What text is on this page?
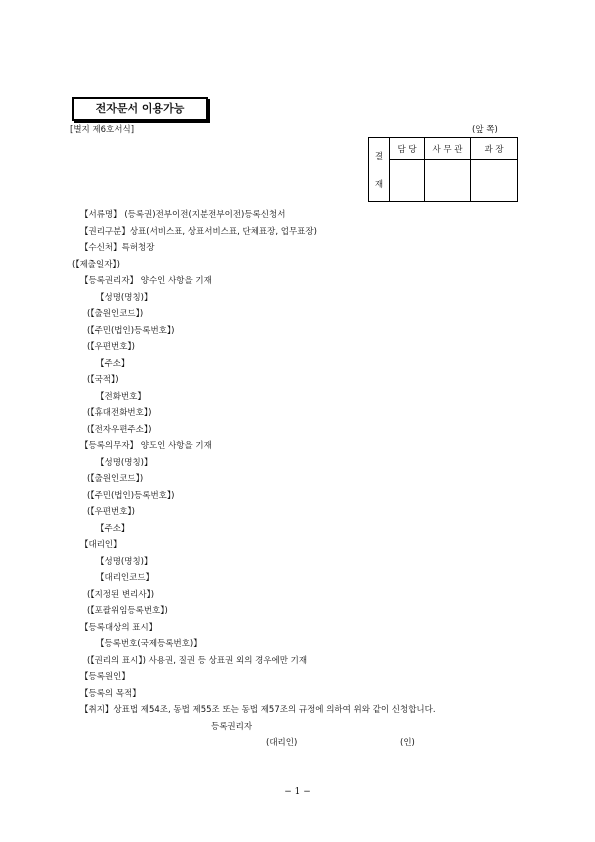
전자문서 이용가능
[별지 제6호서식]	(앞 쪽)
결
재	담 당	사 무 관	과 장

【서류명】 (등록권)전부이전(지분전부이전)등록신청서
【권리구분】상표(서비스표, 상표서비스표, 단체표장, 업무표장)
【수신처】특허청장
(【제출일자】)
【등록권리자】 양수인 사항을 기재
【성명(명칭)】
(【출원인코드】)
(【주민(법인)등록번호】)
(【우편번호】)
【주소】
(【국적】)
【전화번호】
(【휴대전화번호】)
(【전자우편주소】)
【등록의무자】 양도인 사항을 기재
【성명(명칭)】
(【출원인코드】)
(【주민(법인)등록번호】)
(【우편번호】)
【주소】
【대리인】
【성명(명칭)】
【대리인코드】
(【지정된 변리사】)
(【포괄위임등록번호】)
【등록대상의 표시】
【등록번호(국제등록번호)】
(【권리의 표시】) 사용권, 질권 등 상표권 외의 경우에만 기재
【등록원인】
【등록의 목적】
【취지】상표법 제54조, 동법 제55조 또는 동법 제57조의 규정에 의하여 위와 같이 신청합니다.
등록권리자
(대리인)	(인)
− 1 −
